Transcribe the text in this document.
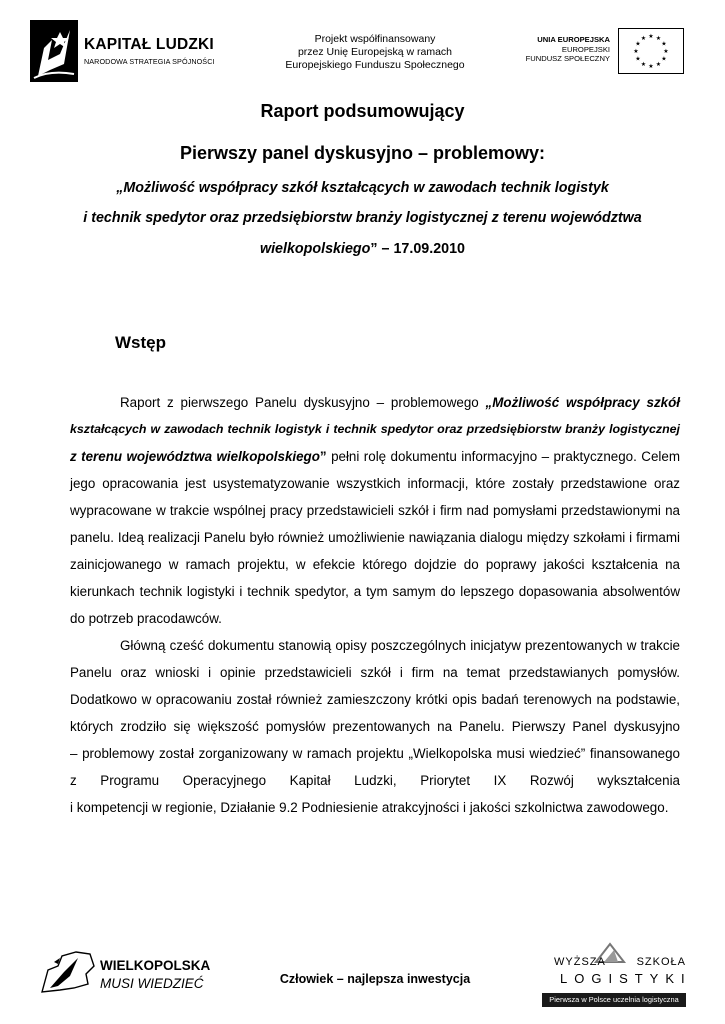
KAPITAŁ LUDZKI
NARODOWA STRATEGIA SPÓJNOŚCI
Projekt współfinansowany
przez Unię Europejską w ramach
Europejskiego Funduszu Społecznego
UNIA EUROPEJSKA
EUROPEJSKI
FUNDUSZ SPOŁECZNY
★ ★
★
★
★
★
★
★
★
★
★
★
Raport podsumowujący
Pierwszy panel dyskusyjno – problemowy:
„Możliwość współpracy szkół kształcących w zawodach technik logistyk
i technik spedytor oraz przedsiębiorstw branży logistycznej z terenu województwa
wielkopolskiego” – 17.09.2010
Wstęp
Raport z pierwszego Panelu dyskusyjno – problemowego „Możliwość współpracy szkół
kształcących w zawodach technik logistyk i technik spedytor oraz przedsiębiorstw branży logistycznej
z terenu województwa wielkopolskiego” pełni rolę dokumentu informacyjno – praktycznego. Celem
jego opracowania jest usystematyzowanie wszystkich informacji, które zostały przedstawione oraz
wypracowane w trakcie wspólnej pracy przedstawicieli szkół i firm nad pomysłami przedstawionymi na
panelu. Ideą realizacji Panelu było również umożliwienie nawiązania dialogu między szkołami i firmami
zainicjowanego w ramach projektu, w efekcie którego dojdzie do poprawy jakości kształcenia na
kierunkach technik logistyki i technik spedytor, a tym samym do lepszego dopasowania absolwentów
do potrzeb pracodawców.
Główną cześć dokumentu stanowią opisy poszczególnych inicjatyw prezentowanych w trakcie
Panelu oraz wnioski i opinie przedstawicieli szkół i firm na temat przedstawianych pomysłów.
Dodatkowo w opracowaniu został również zamieszczony krótki opis badań terenowych na podstawie,
których zrodziło się większość pomysłów prezentowanych na Panelu. Pierwszy Panel dyskusyjno
– problemowy został zorganizowany w ramach projektu „Wielkopolska musi wiedzieć” finansowanego
z Programu Operacyjnego Kapitał Ludzki, Priorytet IX Rozwój wykształcenia
i kompetencji w regionie, Działanie 9.2 Podniesienie atrakcyjności i jakości szkolnictwa zawodowego.
WIELKOPOLSKA
MUSI WIEDZIEĆ	Człowiek – najlepsza inwestycja
WYŻSZA	SZKOŁA
LOGISTYKI
Pierwsza w Polsce uczelnia logistyczna
